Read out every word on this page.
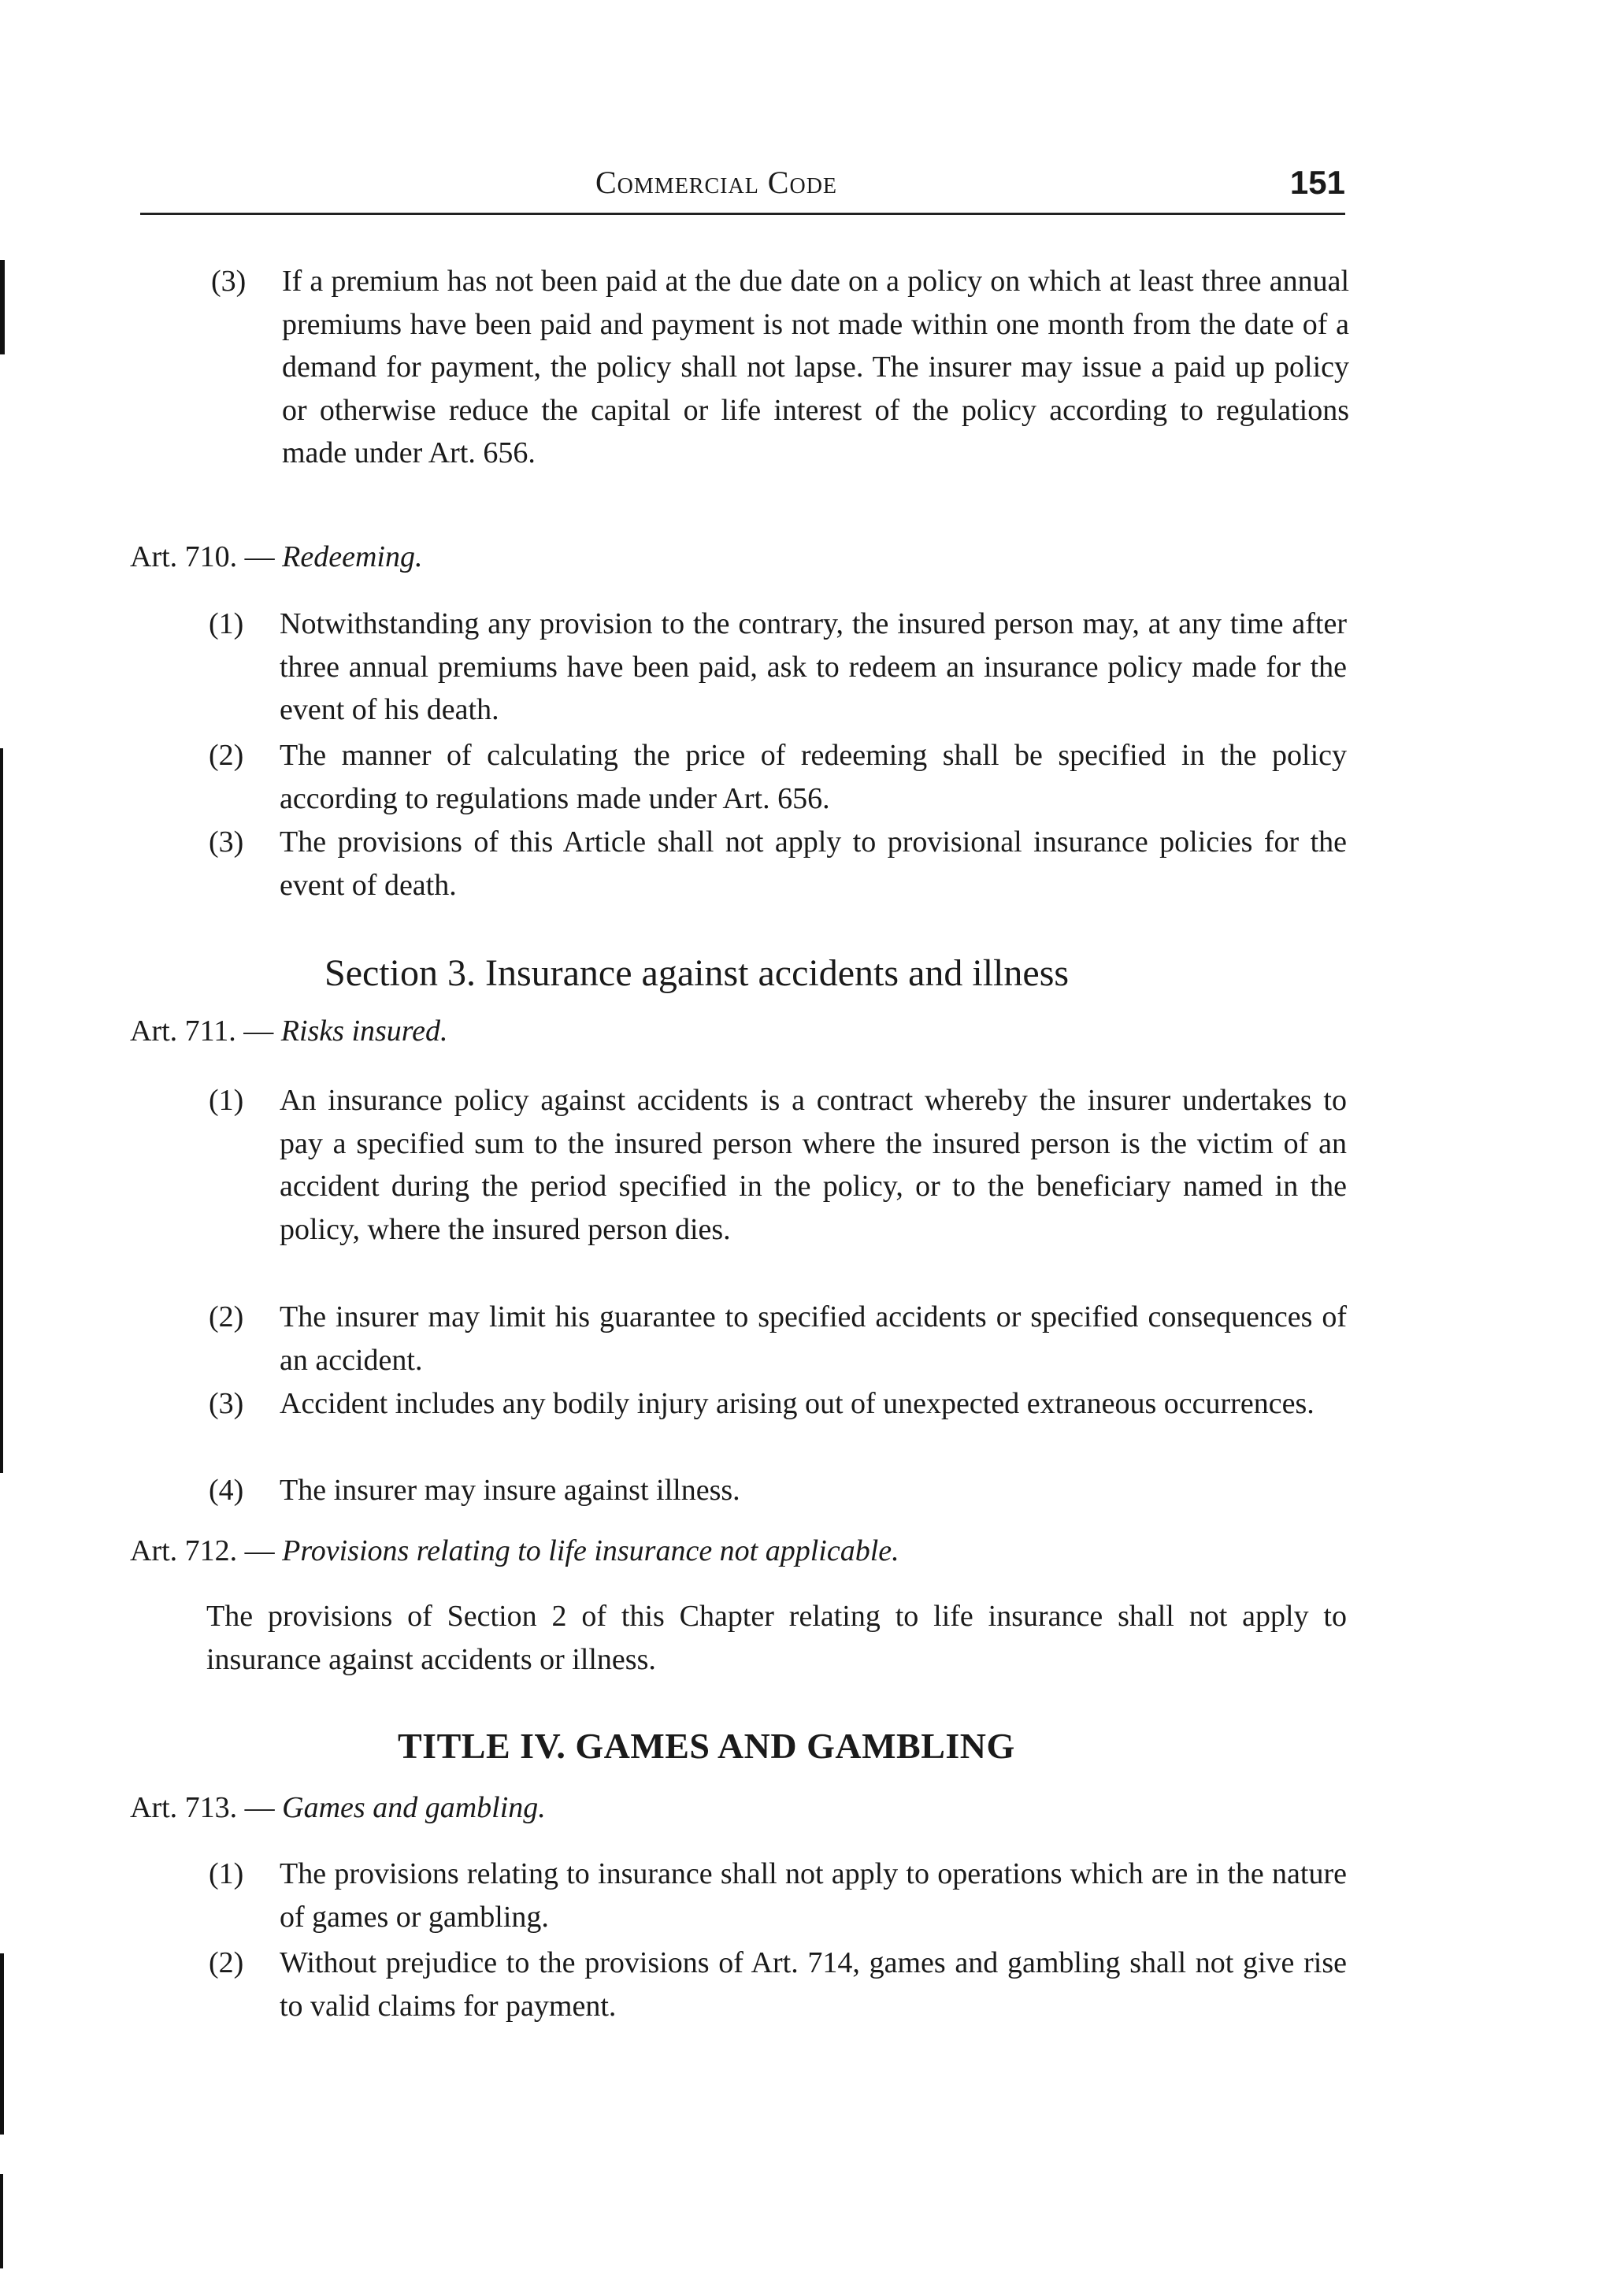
Commercial Code	151
(3) If a premium has not been paid at the due date on a policy on which at least three annual premiums have been paid and payment is not made within one month from the date of a demand for payment, the policy shall not lapse. The insurer may issue a paid up policy or otherwise reduce the capital or life interest of the policy according to regulations made under Art. 656.
Art. 710. — Redeeming.
(1) Notwithstanding any provision to the contrary, the insured person may, at any time after three annual premiums have been paid, ask to redeem an insurance policy made for the event of his death.
(2) The manner of calculating the price of redeeming shall be specified in the policy according to regulations made under Art. 656.
(3) The provisions of this Article shall not apply to provisional insurance policies for the event of death.
Section 3. Insurance against accidents and illness
Art. 711. — Risks insured.
(1) An insurance policy against accidents is a contract whereby the insurer undertakes to pay a specified sum to the insured person where the insured person is the victim of an accident during the period specified in the policy, or to the beneficiary named in the policy, where the insured person dies.
(2) The insurer may limit his guarantee to specified accidents or specified consequences of an accident.
(3) Accident includes any bodily injury arising out of unexpected extraneous occurrences.
(4) The insurer may insure against illness.
Art. 712. — Provisions relating to life insurance not applicable.

The provisions of Section 2 of this Chapter relating to life insurance shall not apply to insurance against accidents or illness.

TITLE IV. GAMES AND GAMBLING
Art. 713. — Games and gambling.
(1) The provisions relating to insurance shall not apply to operations which are in the nature of games or gambling.
(2) Without prejudice to the provisions of Art. 714, games and gambling shall not give rise to valid claims for payment.
